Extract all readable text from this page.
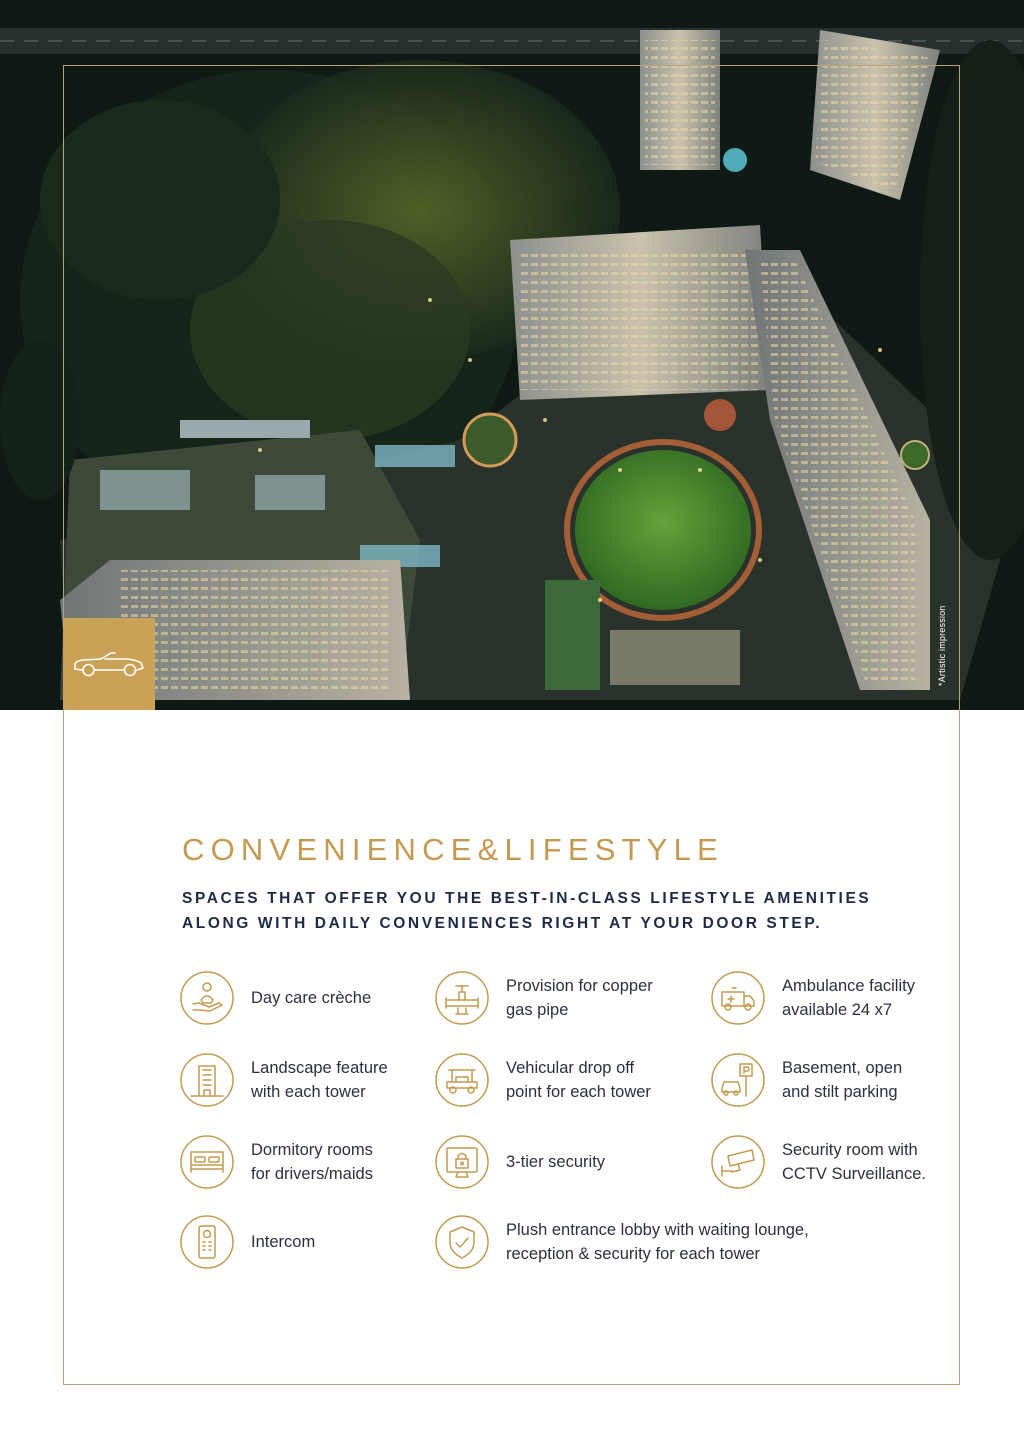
*Artistic impression
CONVENIENCE&LIFESTYLE
SPACES THAT OFFER YOU THE BEST-IN-CLASS LIFESTYLE AMENITIES
ALONG WITH DAILY CONVENIENCES RIGHT AT YOUR DOOR STEP.
Day care crèche
Provision for copper
gas pipe
Ambulance facility
available 24 x7
Landscape feature
with each tower
Vehicular drop off
point for each tower
Basement, open
and stilt parking
Dormitory rooms
for drivers/maids
3-tier security
Security room with
CCTV Surveillance.
Intercom
Plush entrance lobby with waiting lounge,
reception & security for each tower
